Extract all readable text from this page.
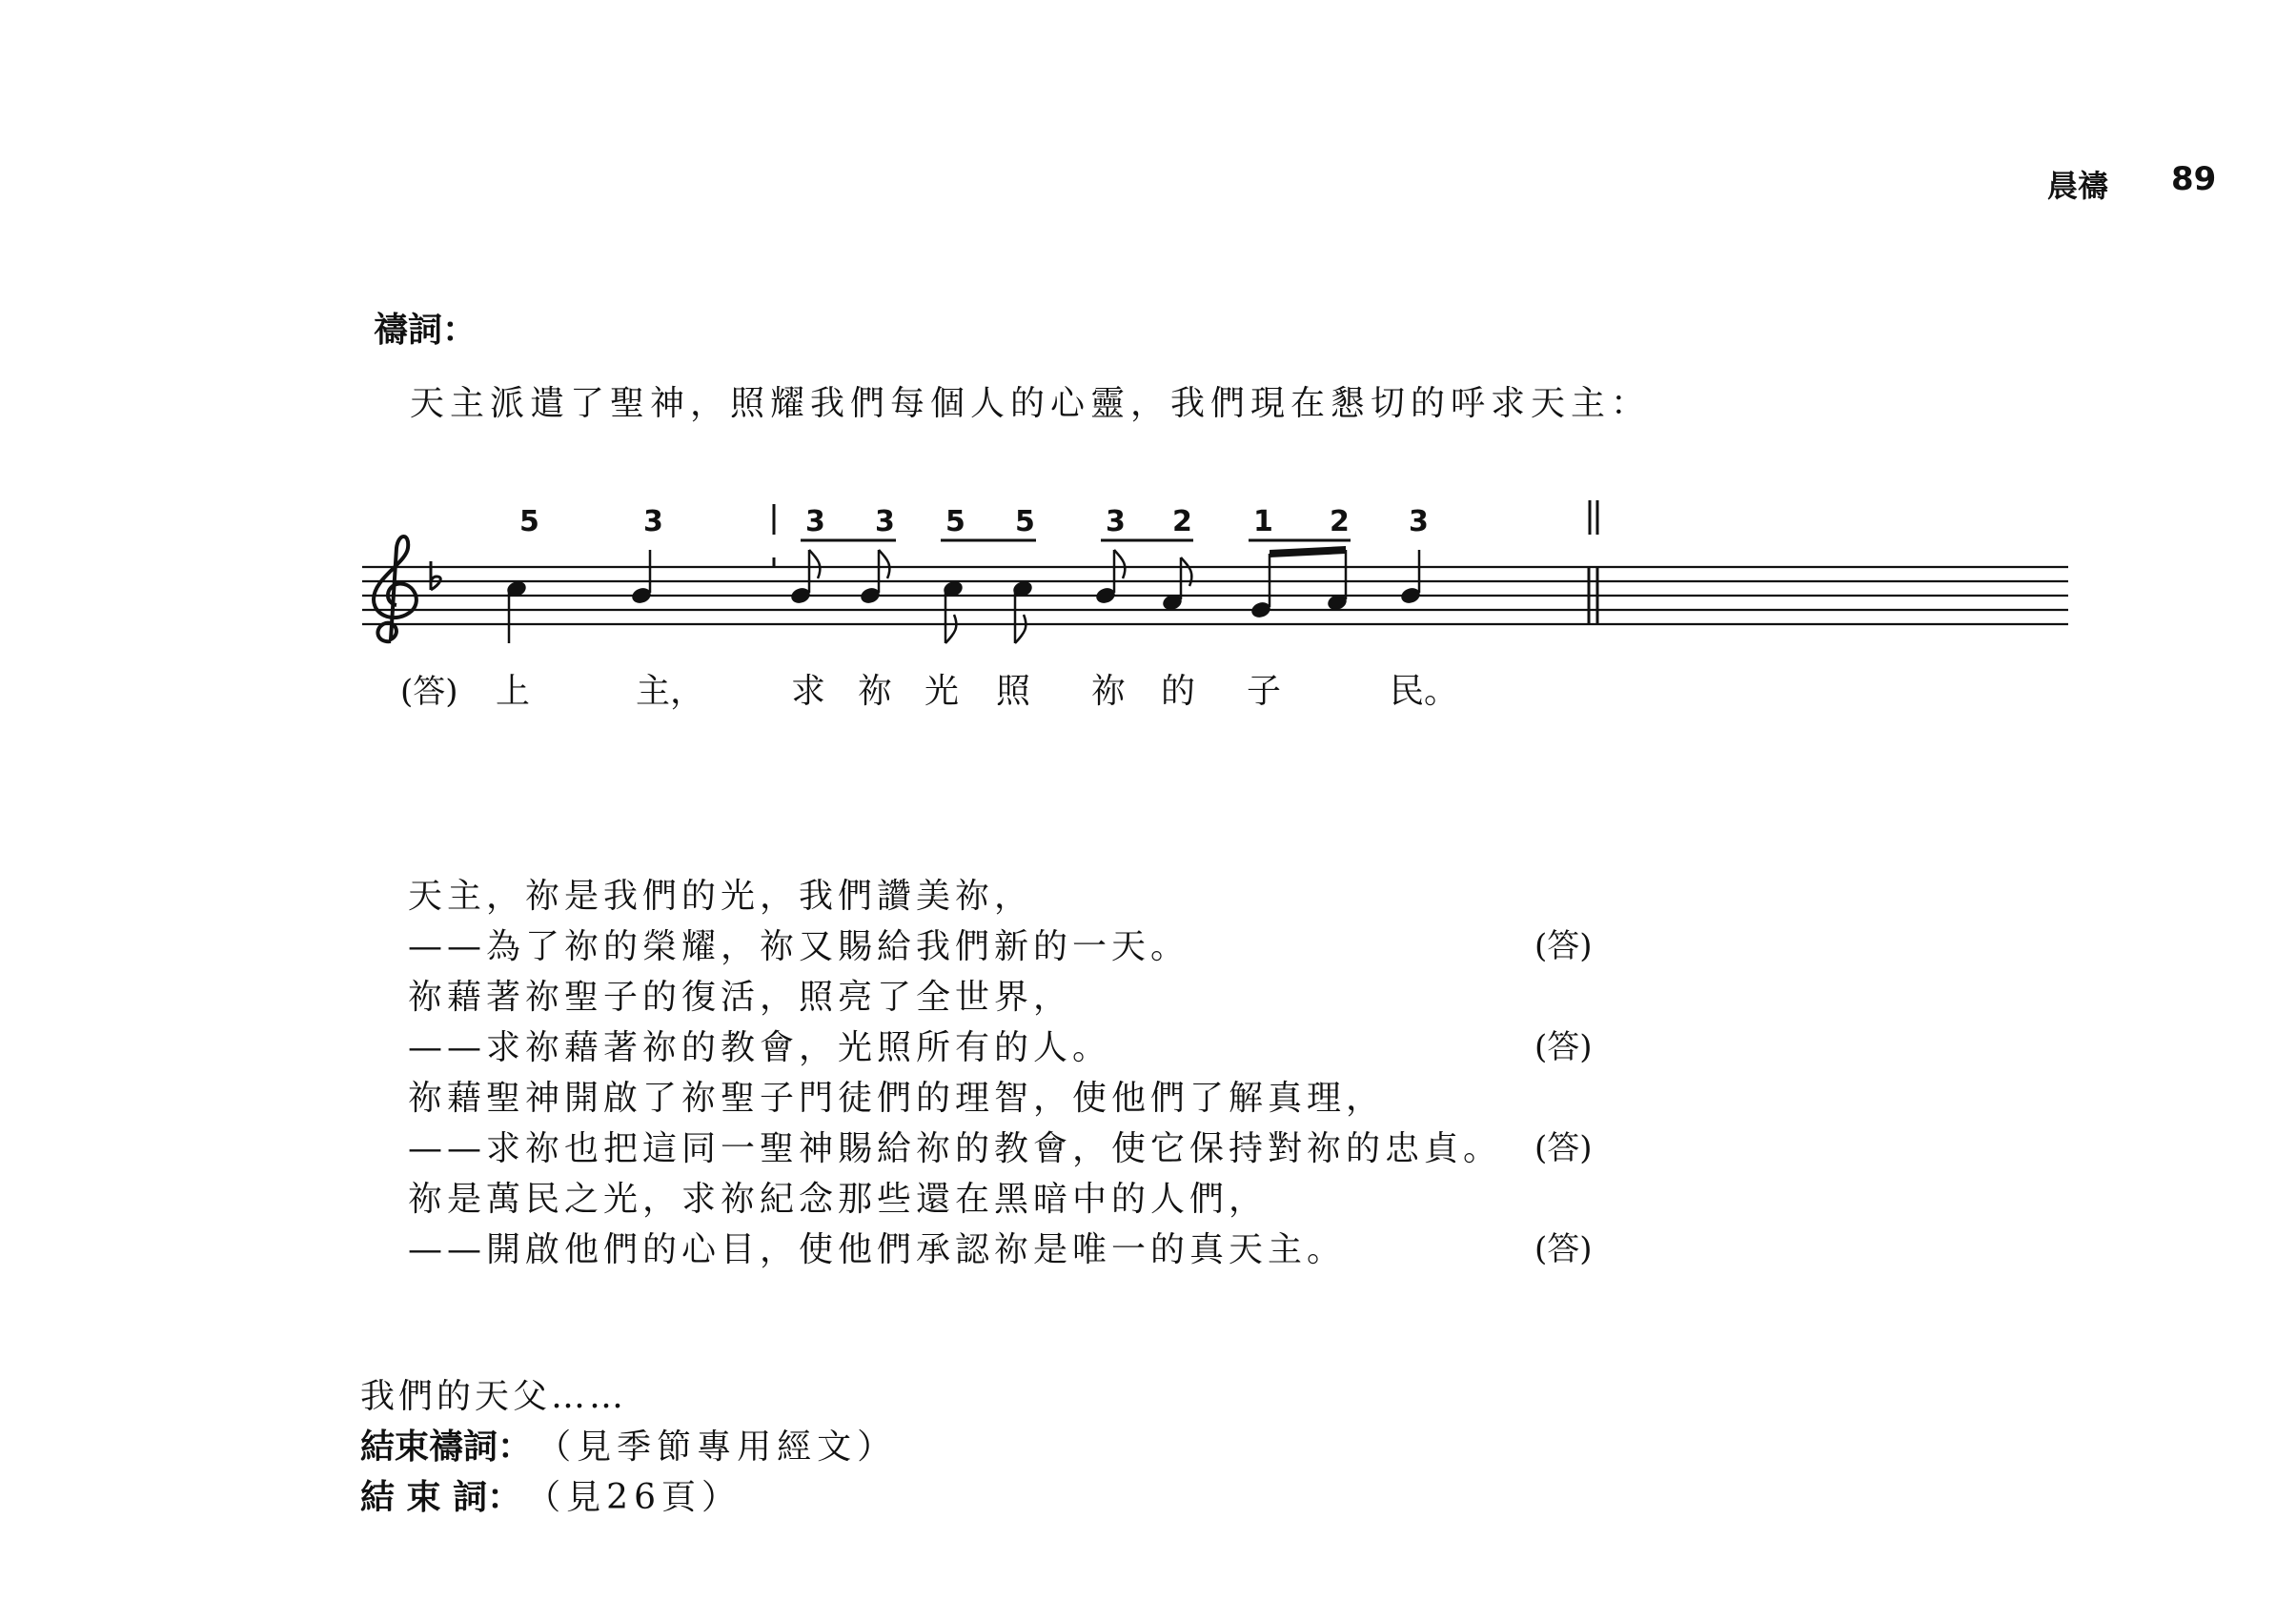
晨禱 89
禱詞：
天主派遣了聖神，照耀我們每個人的心靈，我們現在懇切的呼求天主：
5	3	3 3 5 5 3 2 1 2 3
(答) 上	主，	求 祢 光 照 祢 的 子	民。
天主，祢是我們的光，我們讚美祢，
——為了祢的榮耀，祢又賜給我們新的一天。	(答)
祢藉著祢聖子的復活，照亮了全世界，
——求祢藉著祢的教會，光照所有的人。	(答)
祢藉聖神開啟了祢聖子門徒們的理智，使他們了解真理，
——求祢也把這同一聖神賜給祢的教會，使它保持對祢的忠貞。 (答)
祢是萬民之光，求祢紀念那些還在黑暗中的人們，
——開啟他們的心目，使他們承認祢是唯一的真天主。	(答)
我們的天父……
結束禱詞： （見季節專用經文）
結 束 詞： （見26頁）
